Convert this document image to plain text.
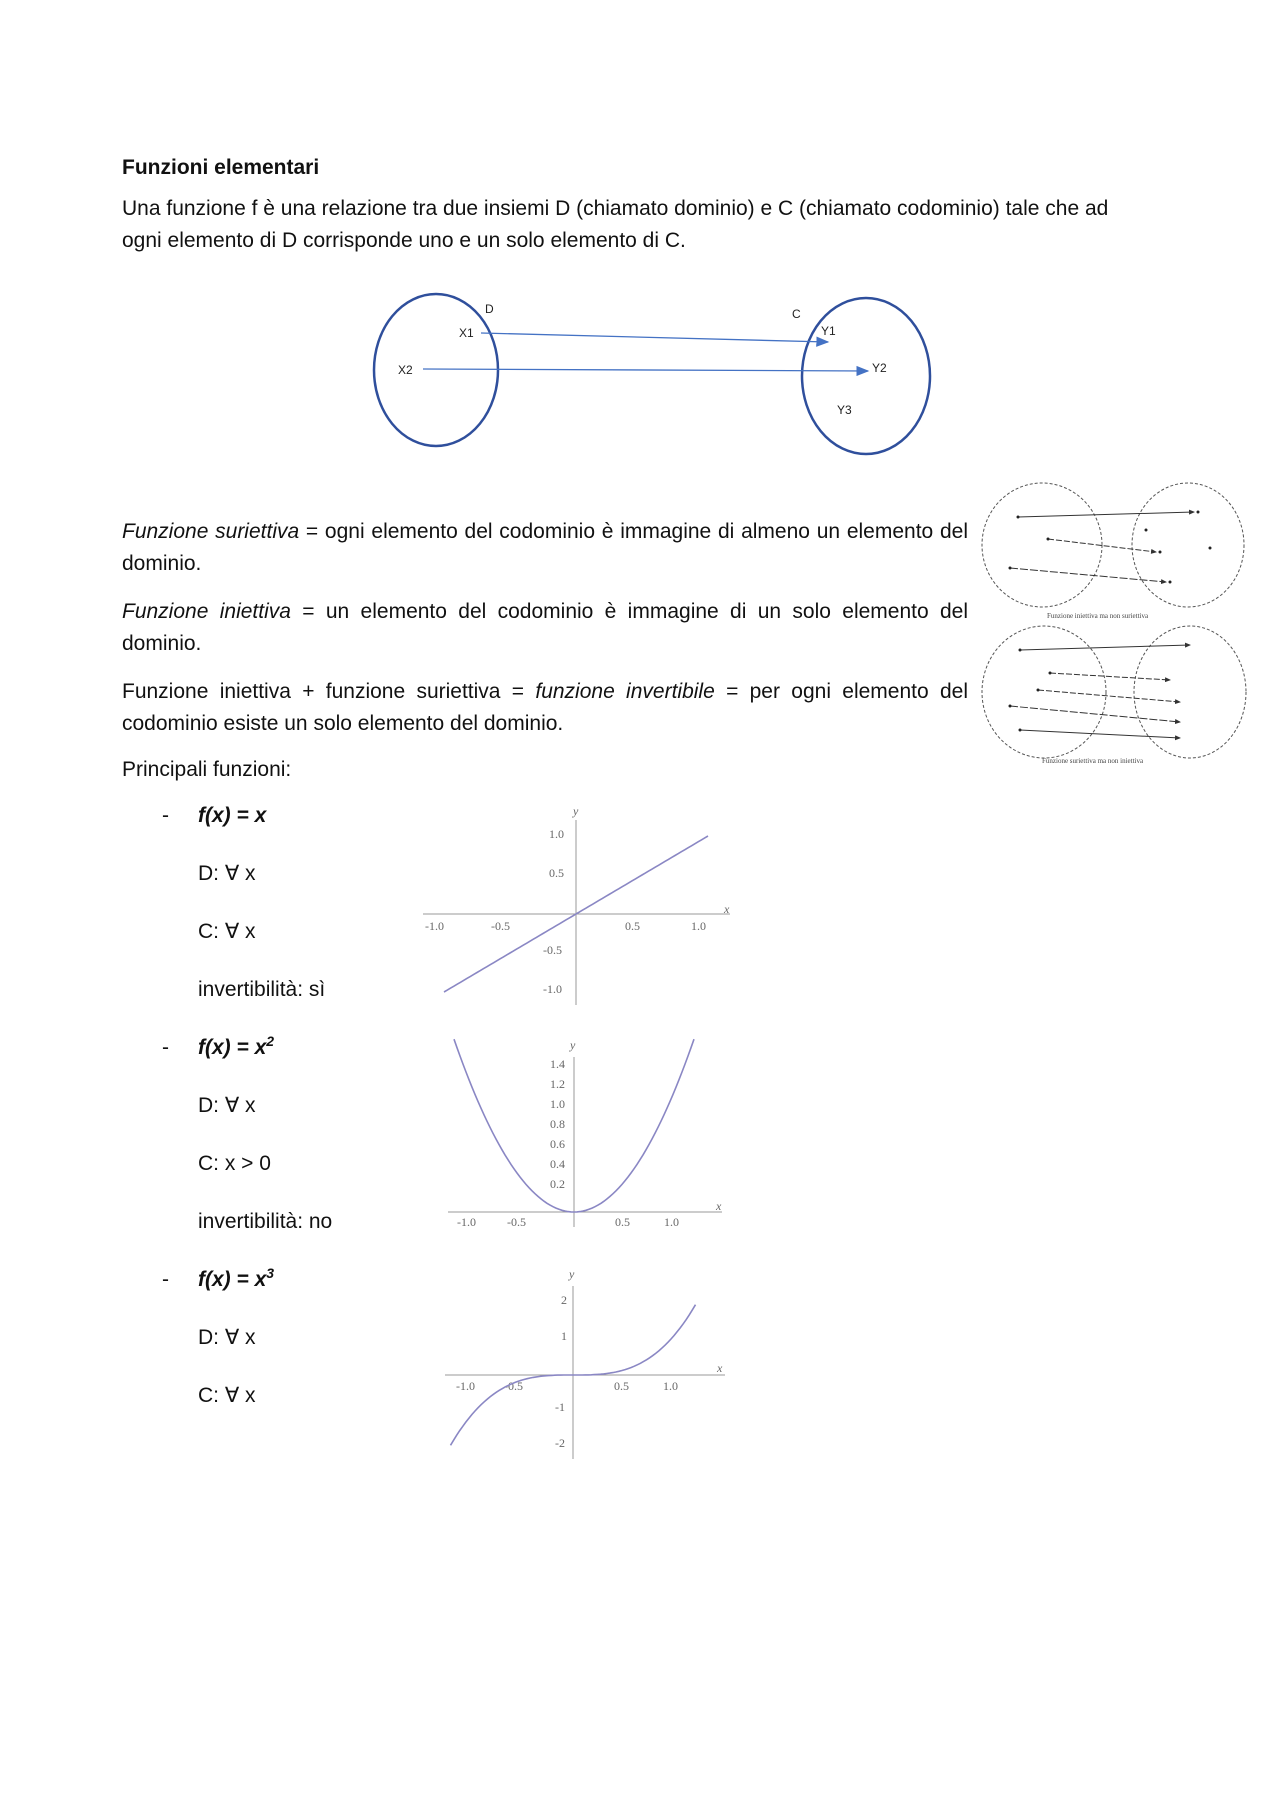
Funzioni elementari
Una funzione f è una relazione tra due insiemi D (chiamato dominio) e C (chiamato codominio) tale che ad
ogni elemento di D corrisponde uno e un solo elemento di C.
D	C
X1
X2
Y1
Y2
Y3
Funzione suriettiva = ogni elemento del codominio è immagine di almeno un elemento del dominio.
Funzione iniettiva = un elemento del codominio è immagine di un solo elemento del dominio.
Funzione iniettiva + funzione suriettiva = funzione invertibile = per ogni elemento del codominio esiste un solo elemento del dominio.
Funzione iniettiva ma non suriettiva
Funzione suriettiva ma non iniettiva
Principali funzioni:
- f(x) = x
D: ∀ x
C: ∀ x
invertibilità: sì
- $f(x) = x^2$
D: ∀ x
C: x > 0
invertibilità: no
- $f(x) = x^3$
D: ∀ x
C: ∀ x
x
y
-1.0	-0.5	0.5	1.0
1.0
0.5
-0.5
-1.0
x
y
-1.0	-0.5	0.5	1.0
1.4
1.2
1.0
0.8
0.6
0.4
0.2
x
y
-1.0 -0.5	0.5	1.0
2
1
-1
-2
